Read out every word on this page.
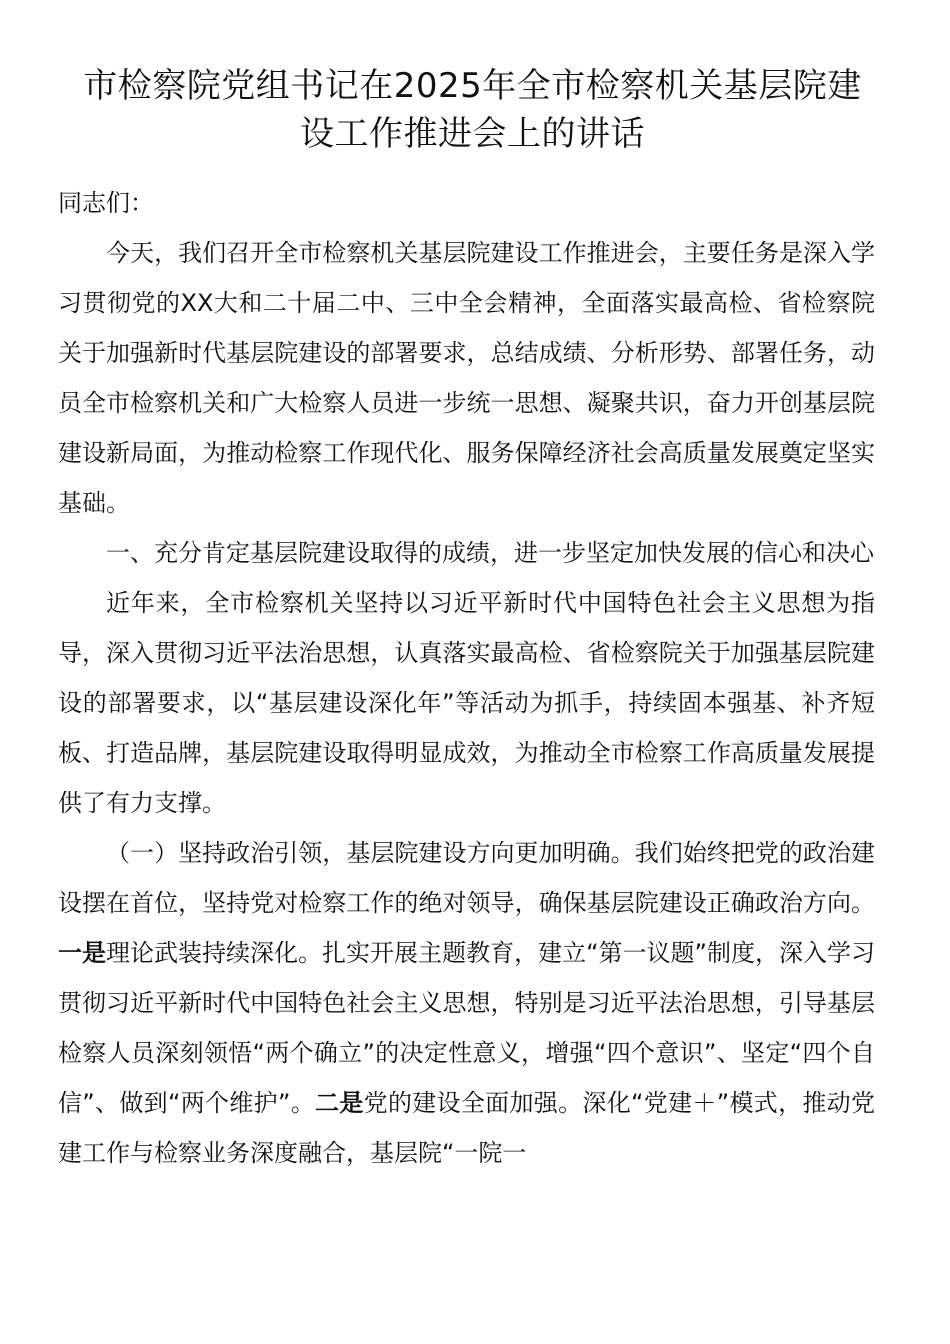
市检察院党组书记在2025年全市检察机关基层院建
设工作推进会上的讲话

同志们：

今天，我们召开全市检察机关基层院建设工作推进会，主要任务是深入学习贯彻党的XX大和二十届二中、三中全会精神，全面落实最高检、省检察院关于加强新时代基层院建设的部署要求，总结成绩、分析形势、部署任务，动员全市检察机关和广大检察人员进一步统一思想、凝聚共识，奋力开创基层院建设新局面，为推动检察工作现代化、服务保障经济社会高质量发展奠定坚实基础。

一、充分肯定基层院建设取得的成绩，进一步坚定加快发展的信心和决心

近年来，全市检察机关坚持以习近平新时代中国特色社会主义思想为指导，深入贯彻习近平法治思想，认真落实最高检、省检察院关于加强基层院建设的部署要求，以“基层建设深化年”等活动为抓手，持续固本强基、补齐短板、打造品牌，基层院建设取得明显成效，为推动全市检察工作高质量发展提供了有力支撑。

（一）坚持政治引领，基层院建设方向更加明确。我们始终把党的政治建设摆在首位，坚持党对检察工作的绝对领导，确保基层院建设正确政治方向。一是理论武装持续深化。扎实开展主题教育，建立“第一议题”制度，深入学习贯彻习近平新时代中国特色社会主义思想，特别是习近平法治思想，引导基层检察人员深刻领悟“两个确立”的决定性意义，增强“四个意识”、坚定“四个自信”、做到“两个维护”。二是党的建设全面加强。深化“党建＋”模式，推动党建工作与检察业务深度融合，基层院“一院一
